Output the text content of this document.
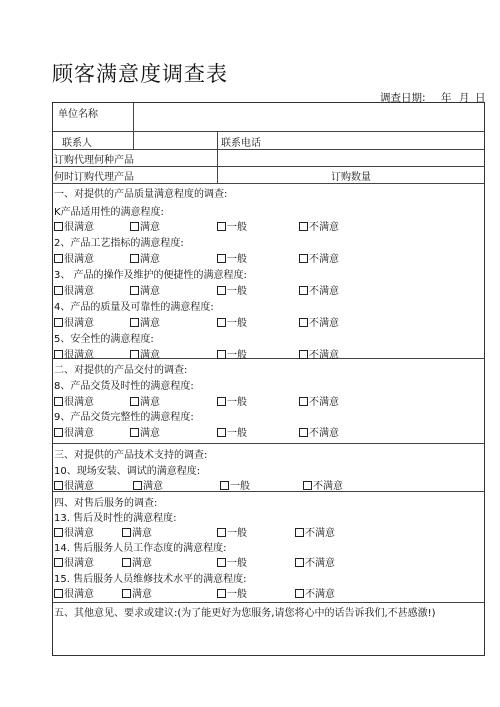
顾客满意度调查表
调查日期: 年 月 日
单位名称
联系人	联系电话
订购代理何种产品
何时订购代理产品	订购数量
一、对提供的产品质量满意程度的调查:
K产品适用性的满意程度:
很满意	满意	一般	不满意
2、产品工艺指标的满意程度:
很满意	满意	一般	不满意
3、 产品的操作及维护的便捷性的满意程度:
很满意	满意	一般	不满意
4、产品的质量及可靠性的满意程度:
很满意	满意	一般	不满意
5、安全性的满意程度:
很满意	满意	一般	不满意
二、对提供的产品交付的调查:
8、产品交货及时性的满意程度:
很满意	满意	一般	不满意
9、产品交货完整性的满意程度:
很满意	满意	一般	不满意
三、对提供的产品技术支持的调查:
10、现场安装、调试的满意程度:
很满意	满意	一般	不满意
四、对售后服务的调查:
13. 售后及时性的满意程度:
很满意	满意	一般	不满意
14. 售后服务人员工作态度的满意程度:
很满意	满意	一般	不满意
15. 售后服务人员维修技术水平的满意程度:
很满意	满意	一般	不满意
五、其他意见、要求或建议:(为了能更好为您服务,请您将心中的话告诉我们,不甚感激!)
